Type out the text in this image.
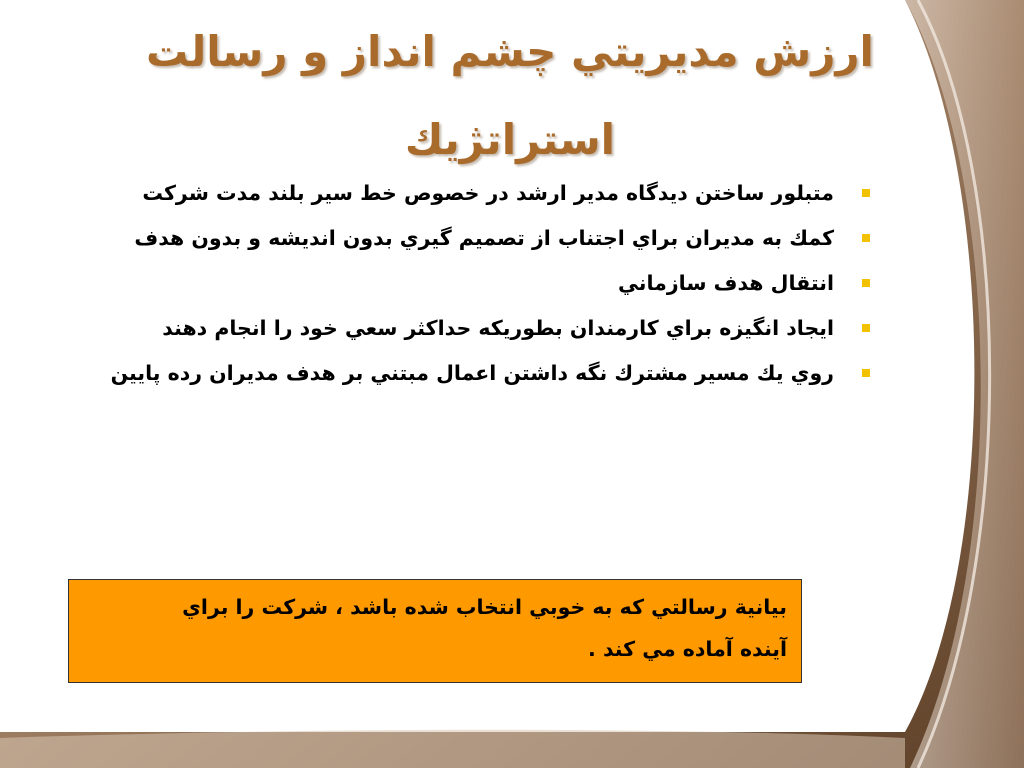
ارزش مديريتي چشم انداز و رسالت استراتژيك
متبلور ساختن ديدگاه مدير ارشد در خصوص خط سير بلند مدت شركت
كمك به مديران براي اجتناب از تصميم گيري بدون انديشه و بدون هدف
انتقال هدف سازماني
ايجاد انگيزه براي كارمندان بطوريكه حداكثر سعي خود را انجام دهند
روي يك مسير مشترك نگه داشتن اعمال مبتني بر هدف مديران رده پايين
بيانية رسالتي كه به خوبي انتخاب شده باشد ، شركت را براي آينده آماده مي كند .
